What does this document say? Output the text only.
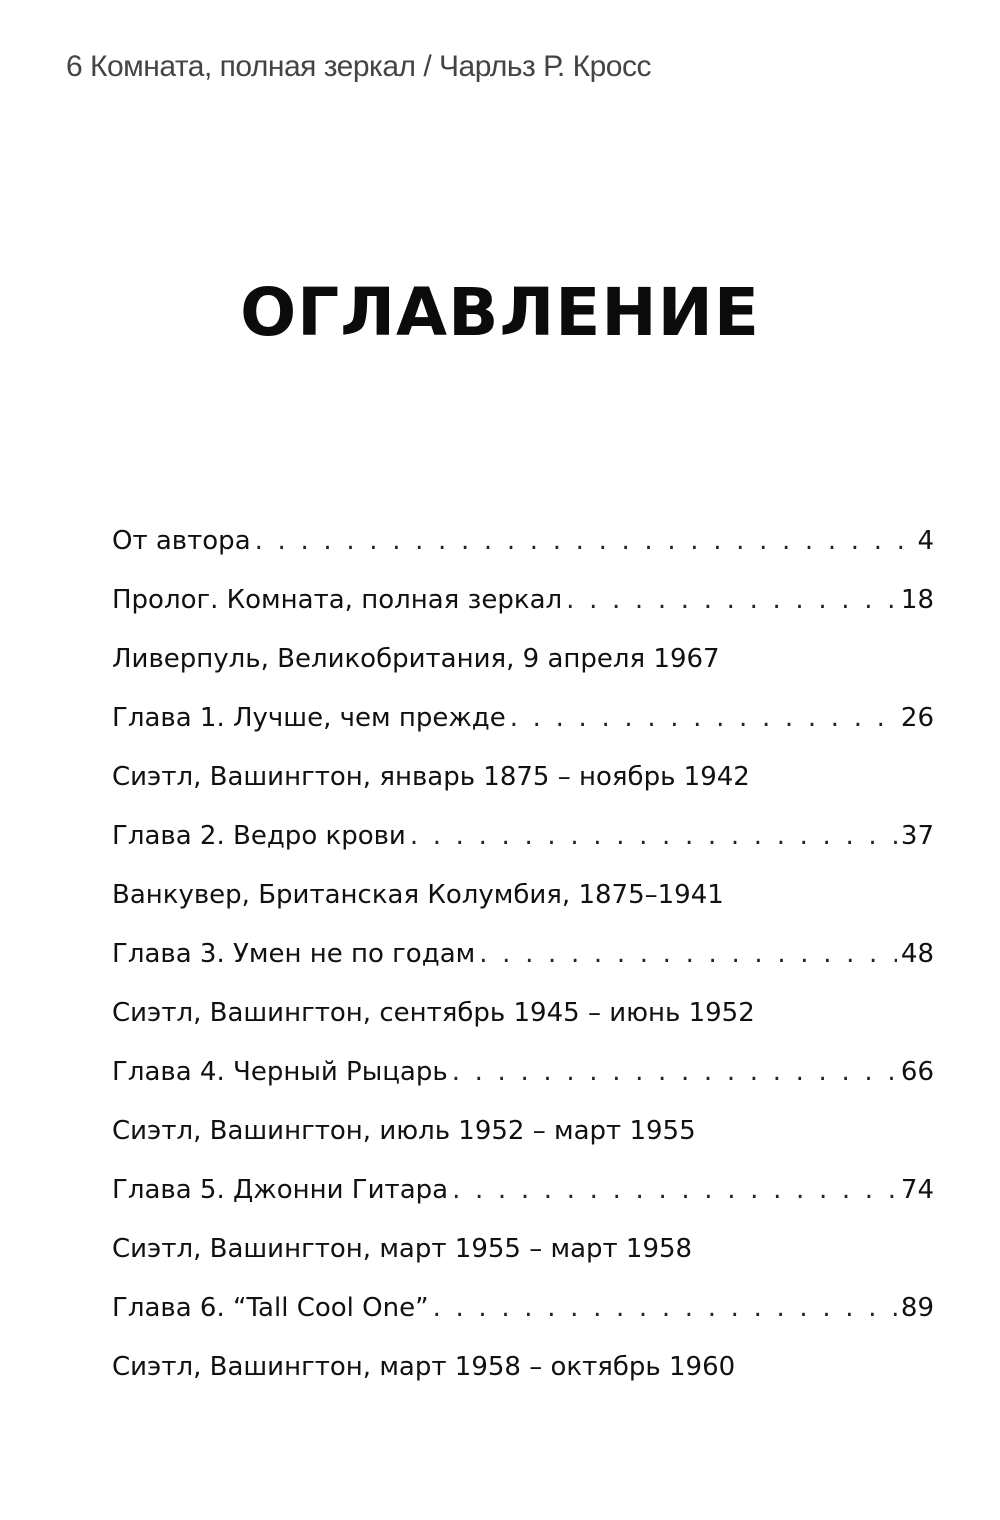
6 Комната, полная зеркал / Чарльз Р. Кросс
ОГЛАВЛЕНИЕ
От автора . . .	4
Пролог. Комната, полная зеркал . . .	18
Ливерпуль, Великобритания, 9 апреля 1967
Глава 1. Лучше, чем прежде . . .	26
Сиэтл, Вашингтон, январь 1875 – ноябрь 1942
Глава 2. Ведро крови . . .	37
Ванкувер, Британская Колумбия, 1875–1941
Глава 3. Умен не по годам . . .	48
Сиэтл, Вашингтон, сентябрь 1945 – июнь 1952
Глава 4. Черный Рыцарь . . .	66
Сиэтл, Вашингтон, июль 1952 – март 1955
Глава 5. Джонни Гитара . . .	74
Сиэтл, Вашингтон, март 1955 – март 1958
Глава 6. “Tall Cool One” . . .	89
Сиэтл, Вашингтон, март 1958 – октябрь 1960
